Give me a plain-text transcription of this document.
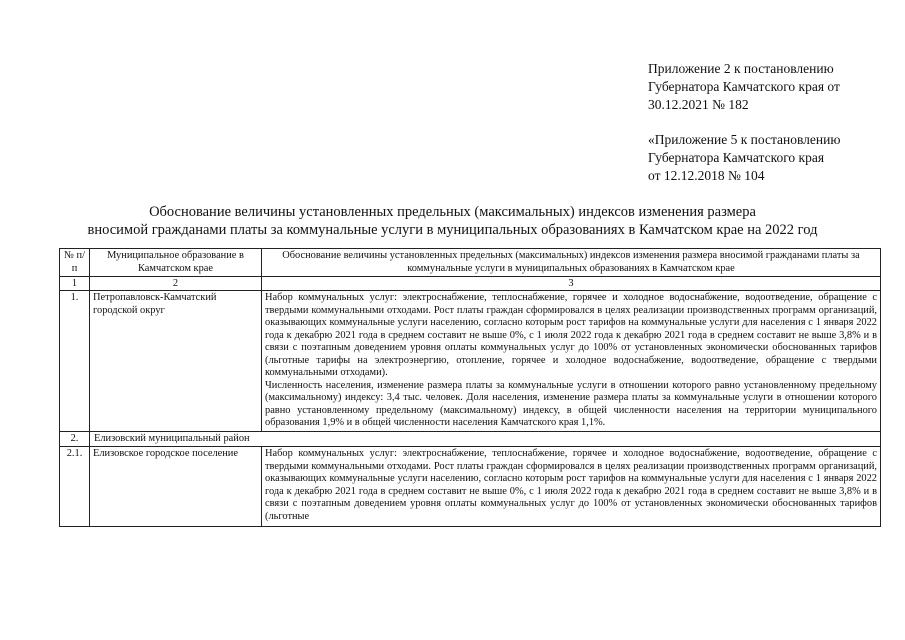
Приложение 2 к постановлению
Губернатора Камчатского края от
30.12.2021 № 182
«Приложение 5 к постановлению
Губернатора Камчатского края
от 12.12.2018 № 104
Обоснование величины установленных предельных (максимальных) индексов изменения размера
вносимой гражданами платы за коммунальные услуги в муниципальных образованиях в Камчатском крае на 2022 год
№ п/п	Муниципальное образование в Камчатском крае	Обоснование величины установленных предельных (максимальных) индексов изменения размера вносимой гражданами платы за коммунальные услуги в муниципальных образованиях в Камчатском крае
1	2	3
1.	Петропавловск-Камчатский городской округ	Набор коммунальных услуг: электроснабжение, теплоснабжение, горячее и холодное водоснабжение, водоотведение, обращение с твердыми коммунальными отходами. Рост платы граждан сформировался в целях реализации производственных программ организаций, оказывающих коммунальные услуги населению, согласно которым рост тарифов на коммунальные услуги для населения с 1 января 2022 года к декабрю 2021 года в среднем составит не выше 0%, с 1 июля 2022 года к декабрю 2021 года в среднем составит не выше 3,8% и в связи с поэтапным доведением уровня оплаты коммунальных услуг до 100% от установленных экономически обоснованных тарифов (льготные тарифы на электроэнергию, отопление, горячее и холодное водоснабжение, водоотведение, обращение с твердыми коммунальными отходами).

Численность населения, изменение размера платы за коммунальные услуги в отношении которого равно установленному предельному (максимальному) индексу: 3,4 тыс. человек. Доля населения, изменение размера платы за коммунальные услуги в отношении которого равно установленному предельному (максимальному) индексу, в общей численности населения на территории муниципального образования 1,9% и в общей численности населения Камчатского края 1,1%.

2.	Елизовский муниципальный район	
2.1.	Елизовское городское поселение	Набор коммунальных услуг: электроснабжение, теплоснабжение, горячее и холодное водоснабжение, водоотведение, обращение с твердыми коммунальными отходами. Рост платы граждан сформировался в целях реализации производственных программ организаций, оказывающих коммунальные услуги населению, согласно которым рост тарифов на коммунальные услуги для населения с 1 января 2022 года к декабрю 2021 года в среднем составит не выше 0%, с 1 июля 2022 года к декабрю 2021 года в среднем составит не выше 3,8% и в связи с поэтапным доведением уровня оплаты коммунальных услуг до 100% от установленных экономически обоснованных тарифов (льготные
